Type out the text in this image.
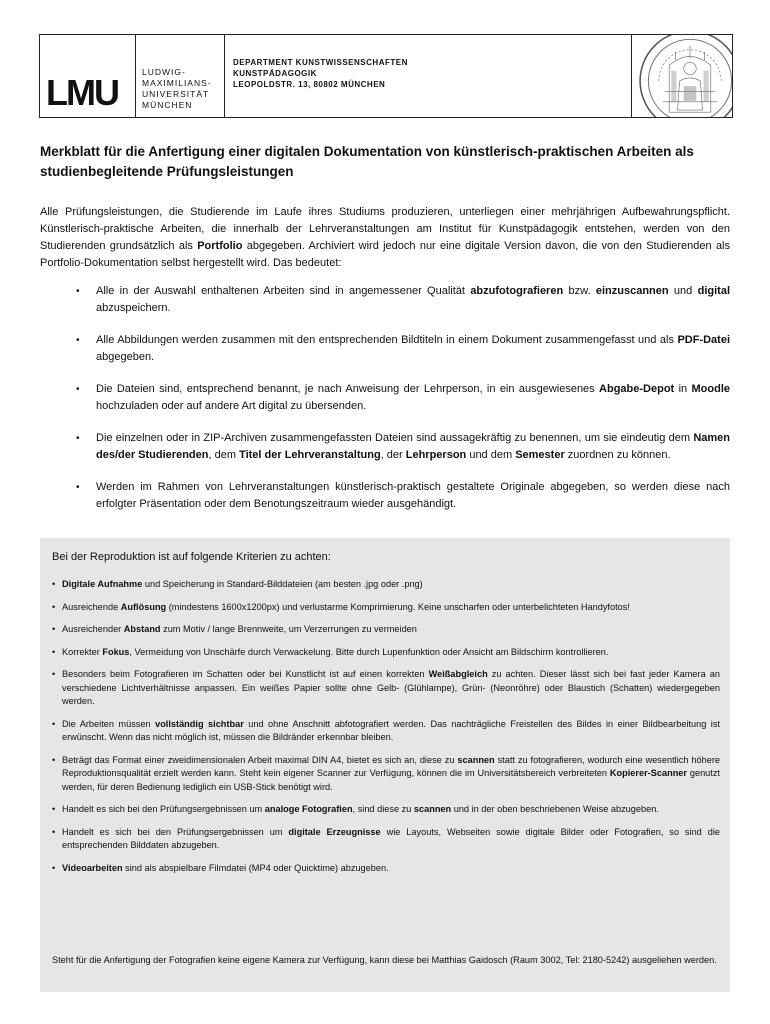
LMU	LUDWIG-
MAXIMILIANS-
UNIVERSITÄT
MÜNCHEN
DEPARTMENT KUNSTWISSENSCHAFTEN
KUNSTPÄDAGOGIK
LEOPOLDSTR. 13, 80802 MÜNCHEN
Merkblatt für die Anfertigung einer digitalen Dokumentation von künstlerisch-praktischen Arbeiten als studienbegleitende Prüfungsleistungen
Alle Prüfungsleistungen, die Studierende im Laufe ihres Studiums produzieren, unterliegen einer mehrjährigen Aufbewahrungspflicht. Künstlerisch-praktische Arbeiten, die innerhalb der Lehrveranstaltungen am Institut für Kunstpädagogik entstehen, werden von den Studierenden grundsätzlich als Portfolio abgegeben. Archiviert wird jedoch nur eine digitale Version davon, die von den Studierenden als Portfolio-Dokumentation selbst hergestellt wird. Das bedeutet:
• Alle in der Auswahl enthaltenen Arbeiten sind in angemessener Qualität abzufotografieren bzw. einzuscannen und digital abzuspeichern.
• Alle Abbildungen werden zusammen mit den entsprechenden Bildtiteln in einem Dokument zusammengefasst und als PDF-Datei abgegeben.
• Die Dateien sind, entsprechend benannt, je nach Anweisung der Lehrperson, in ein ausgewiesenes Abgabe-Depot in Moodle hochzuladen oder auf andere Art digital zu übersenden.
• Die einzelnen oder in ZIP-Archiven zusammengefassten Dateien sind aussagekräftig zu benennen, um sie eindeutig dem Namen des/der Studierenden, dem Titel der Lehrveranstaltung, der Lehrperson und dem Semester zuordnen zu können.
• Werden im Rahmen von Lehrveranstaltungen künstlerisch-praktisch gestaltete Originale abgegeben, so werden diese nach erfolgter Präsentation oder dem Benotungszeitraum wieder ausgehändigt.
Bei der Reproduktion ist auf folgende Kriterien zu achten:
• Digitale Aufnahme und Speicherung in Standard-Bilddateien (am besten .jpg oder .png)
• Ausreichende Auflösung (mindestens 1600x1200px) und verlustarme Komprimierung. Keine unscharfen oder unterbelichteten Handyfotos!
• Ausreichender Abstand zum Motiv / lange Brennweite, um Verzerrungen zu vermeiden
• Korrekter Fokus, Vermeidung von Unschärfe durch Verwackelung. Bitte durch Lupenfunktion oder Ansicht am Bildschirm kontrollieren.
• Besonders beim Fotografieren im Schatten oder bei Kunstlicht ist auf einen korrekten Weißabgleich zu achten. Dieser lässt sich bei fast jeder Kamera an verschiedene Lichtverhältnisse anpassen. Ein weißes Papier sollte ohne Gelb- (Glühlampe), Grün- (Neonröhre) oder Blaustich (Schatten) wiedergegeben werden.
• Die Arbeiten müssen vollständig sichtbar und ohne Anschnitt abfotografiert werden. Das nachträgliche Freistellen des Bildes in einer Bildbearbeitung ist erwünscht. Wenn das nicht möglich ist, müssen die Bildränder erkennbar bleiben.
• Beträgt das Format einer zweidimensionalen Arbeit maximal DIN A4, bietet es sich an, diese zu scannen statt zu fotografieren, wodurch eine wesentlich höhere Reproduktionsqualität erzielt werden kann. Steht kein eigener Scanner zur Verfügung, können die im Universitätsbereich verbreiteten Kopierer-Scanner genutzt werden, für deren Bedienung lediglich ein USB-Stick benötigt wird.
• Handelt es sich bei den Prüfungsergebnissen um analoge Fotografien, sind diese zu scannen und in der oben beschriebenen Weise abzugeben.
• Handelt es sich bei den Prüfungsergebnissen um digitale Erzeugnisse wie Layouts, Webseiten sowie digitale Bilder oder Fotografien, so sind die entsprechenden Bilddaten abzugeben.
• Videoarbeiten sind als abspielbare Filmdatei (MP4 oder Quicktime) abzugeben.
Steht für die Anfertigung der Fotografien keine eigene Kamera zur Verfügung, kann diese bei Matthias Gaidosch (Raum 3002, Tel: 2180-5242) ausgeliehen werden.
